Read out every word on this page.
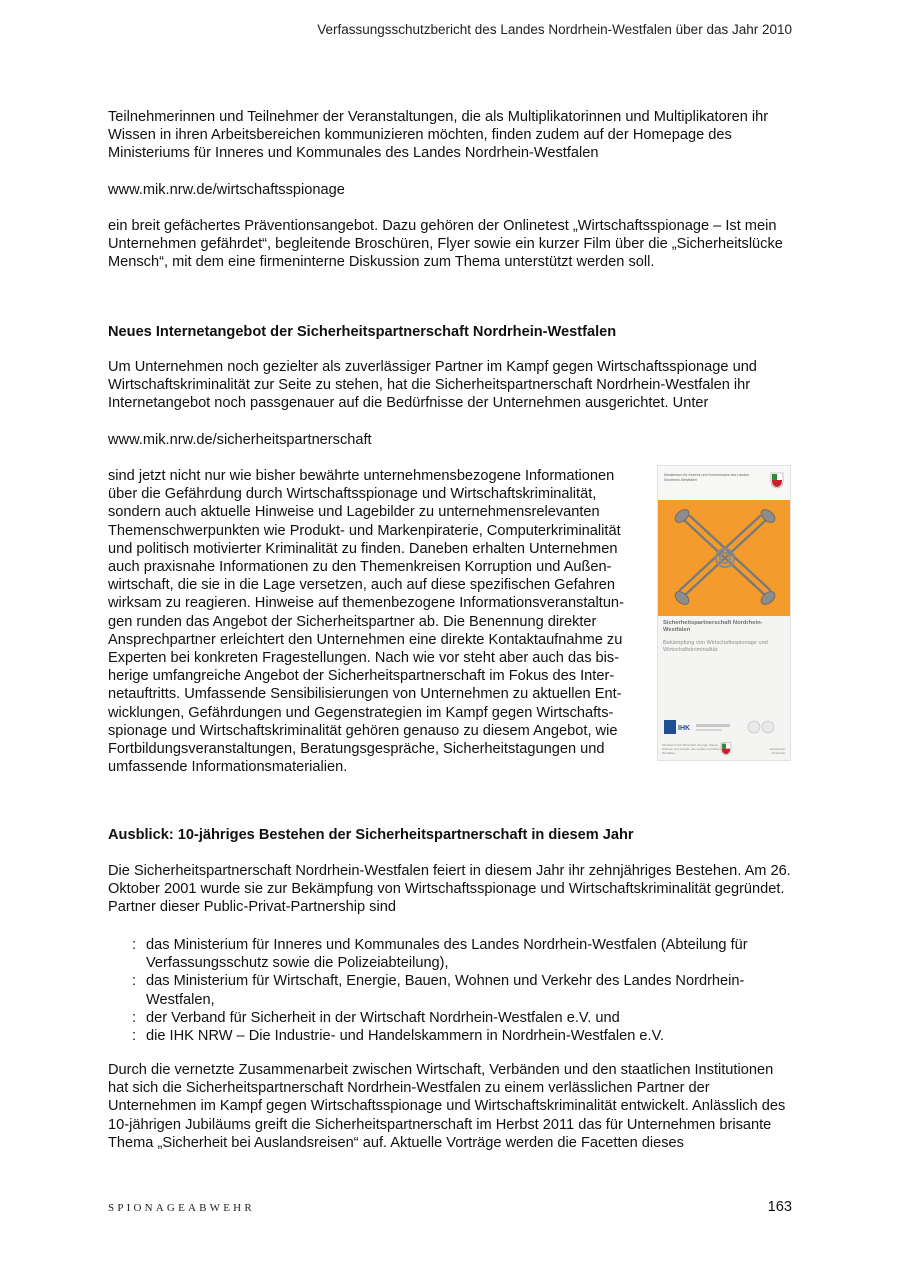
Verfassungsschutzbericht des Landes Nordrhein-Westfalen über das Jahr 2010

Teilnehmerinnen und Teilnehmer der Veranstaltungen, die als Multiplikatorinnen und Multiplikatoren ihr Wissen in ihren Arbeitsbereichen kommunizieren möchten, finden zudem auf der Homepage des Ministeriums für Inneres und Kommunales des Landes Nordrhein-Westfalen

www.mik.nrw.de/wirtschaftsspionage

ein breit gefächertes Präventionsangebot. Dazu gehören der Onlinetest „Wirtschaftsspionage – Ist mein Unternehmen gefährdet“, begleitende Broschüren, Flyer sowie ein kurzer Film über die „Sicherheitslücke Mensch“, mit dem eine firmeninterne Diskussion zum Thema unterstützt werden soll.

Neues Internetangebot der Sicherheitspartnerschaft Nordrhein-Westfalen

Um Unternehmen noch gezielter als zuverlässiger Partner im Kampf gegen Wirtschaftsspionage und Wirtschaftskriminalität zur Seite zu stehen, hat die Sicherheitspartnerschaft Nordrhein-Westfalen ihr Internetangebot noch passgenauer auf die Bedürfnisse der Unternehmen ausgerichtet. Unter

www.mik.nrw.de/sicherheitspartnerschaft

sind jetzt nicht nur wie bisher bewährte unternehmensbezogene Informationen über die Gefährdung durch Wirtschaftsspionage und Wirtschaftskriminalität, sondern auch aktuelle Hinweise und Lagebilder zu unternehmensrelevanten Themenschwerpunkten wie Produkt- und Markenpiraterie, Computerkriminalität und politisch motivierter Kriminalität zu finden. Daneben erhalten Unternehmen auch praxisnahe Informationen zu den Themenkreisen Korruption und Außenwirtschaft, die sie in die Lage versetzen, auch auf diese spezifischen Gefahren wirksam zu reagieren. Hinweise auf themenbezogene Informationsveranstaltungen runden das Angebot der Sicherheitspartner ab. Die Benennung direkter Ansprechpartner erleichtert den Unternehmen eine direkte Kontaktaufnahme zu Experten bei konkreten Fragestellungen. Nach wie vor steht aber auch das bisherige umfangreiche Angebot der Sicherheitspartnerschaft im Fokus des Internetauftritts. Umfassende Sensibilisierungen von Unternehmen zu aktuellen Entwicklungen, Gefährdungen und Gegenstrategien im Kampf gegen Wirtschaftsspionage und Wirtschaftskriminalität gehören genauso zu diesem Angebot, wie Fortbildungsveranstaltungen, Beratungsgespräche, Sicherheitstagungen und umfassende Informationsmaterialien.

Ministerium für Inneres und Kommunales des Landes Nordrhein-Westfalen
Sicherheitspartnerschaft Nordrhein-Westfalen
Bekämpfung von Wirtschaftsspionage und Wirtschaftskriminalität
IHK
Ministerium für Wirtschaft, Energie, Bauen, Wohnen und Verkehr des Landes Nordrhein-Westfalen
Verband für Sicherheit
Ausblick: 10-jähriges Bestehen der Sicherheitspartnerschaft in diesem Jahr

Die Sicherheitspartnerschaft Nordrhein-Westfalen feiert in diesem Jahr ihr zehnjähriges Bestehen. Am 26. Oktober 2001 wurde sie zur Bekämpfung von Wirtschaftsspionage und Wirtschaftskriminalität gegründet. Partner dieser Public-Privat-Partnership sind

: das Ministerium für Inneres und Kommunales des Landes Nordrhein-Westfalen (Abteilung für Verfassungsschutz sowie die Polizeiabteilung),
: das Ministerium für Wirtschaft, Energie, Bauen, Wohnen und Verkehr des Landes Nordrhein-Westfalen,
: der Verband für Sicherheit in der Wirtschaft Nordrhein-Westfalen e.V. und
: die IHK NRW – Die Industrie- und Handelskammern in Nordrhein-Westfalen e.V.

Durch die vernetzte Zusammenarbeit zwischen Wirtschaft, Verbänden und den staatlichen Institutionen hat sich die Sicherheitspartnerschaft Nordrhein-Westfalen zu einem verlässlichen Partner der Unternehmen im Kampf gegen Wirtschaftsspionage und Wirtschaftskriminalität entwickelt. Anlässlich des 10-jährigen Jubiläums greift die Sicherheitspartnerschaft im Herbst 2011 das für Unternehmen brisante Thema „Sicherheit bei Auslandsreisen“ auf. Aktuelle Vorträge werden die Facetten dieses

SPIONAGEABWEHR	163
